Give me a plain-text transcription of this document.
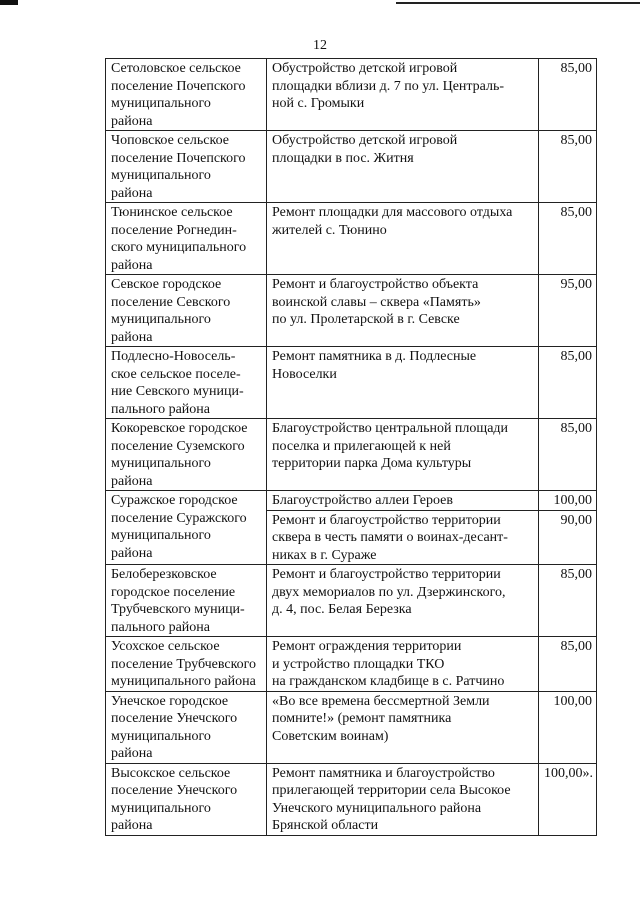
12
Сетоловское сельское
поселение Почепского
муниципального
района	Обустройство детской игровой
площадки вблизи д. 7 по ул. Централь-
ной с. Громыки	85,00

Чоповское сельское
поселение Почепского
муниципального
района	Обустройство детской игровой
площадки в пос. Житня	85,00

Тюнинское сельское
поселение Рогнедин-
ского муниципального
района	Ремонт площадки для массового отдыха
жителей с. Тюнино	85,00

Севское городское
поселение Севского
муниципального
района	Ремонт и благоустройство объекта
воинской славы – сквера «Память»
по ул. Пролетарской в г. Севске	95,00

Подлесно-Новосель-
ское сельское поселе-
ние Севского муници-
пального района	Ремонт памятника в д. Подлесные
Новоселки	85,00

Кокоревское городское
поселение Суземского
муниципального
района	Благоустройство центральной площади
поселка и прилегающей к ней
территории парка Дома культуры	85,00

Суражское городское
поселение Суражского
муниципального
района	Благоустройство аллеи Героев	100,00

	Ремонт и благоустройство территории
сквера в честь памяти о воинах-десант-
никах в г. Сураже	90,00

Белоберезковское
городское поселение
Трубчевского муници-
пального района	Ремонт и благоустройство территории
двух мемориалов по ул. Дзержинского,
д. 4, пос. Белая Березка	85,00

Усохское сельское
поселение Трубчевского
муниципального района	Ремонт ограждения территории
и устройство площадки ТКО
на гражданском кладбище в с. Ратчино	85,00

Унечское городское
поселение Унечского
муниципального
района	«Во все времена бессмертной Земли
помните!» (ремонт памятника
Советским воинам)	100,00

Высокское сельское
поселение Унечского
муниципального
района	Ремонт памятника и благоустройство
прилегающей территории села Высокое
Унечского муниципального района
Брянской области	100,00».
